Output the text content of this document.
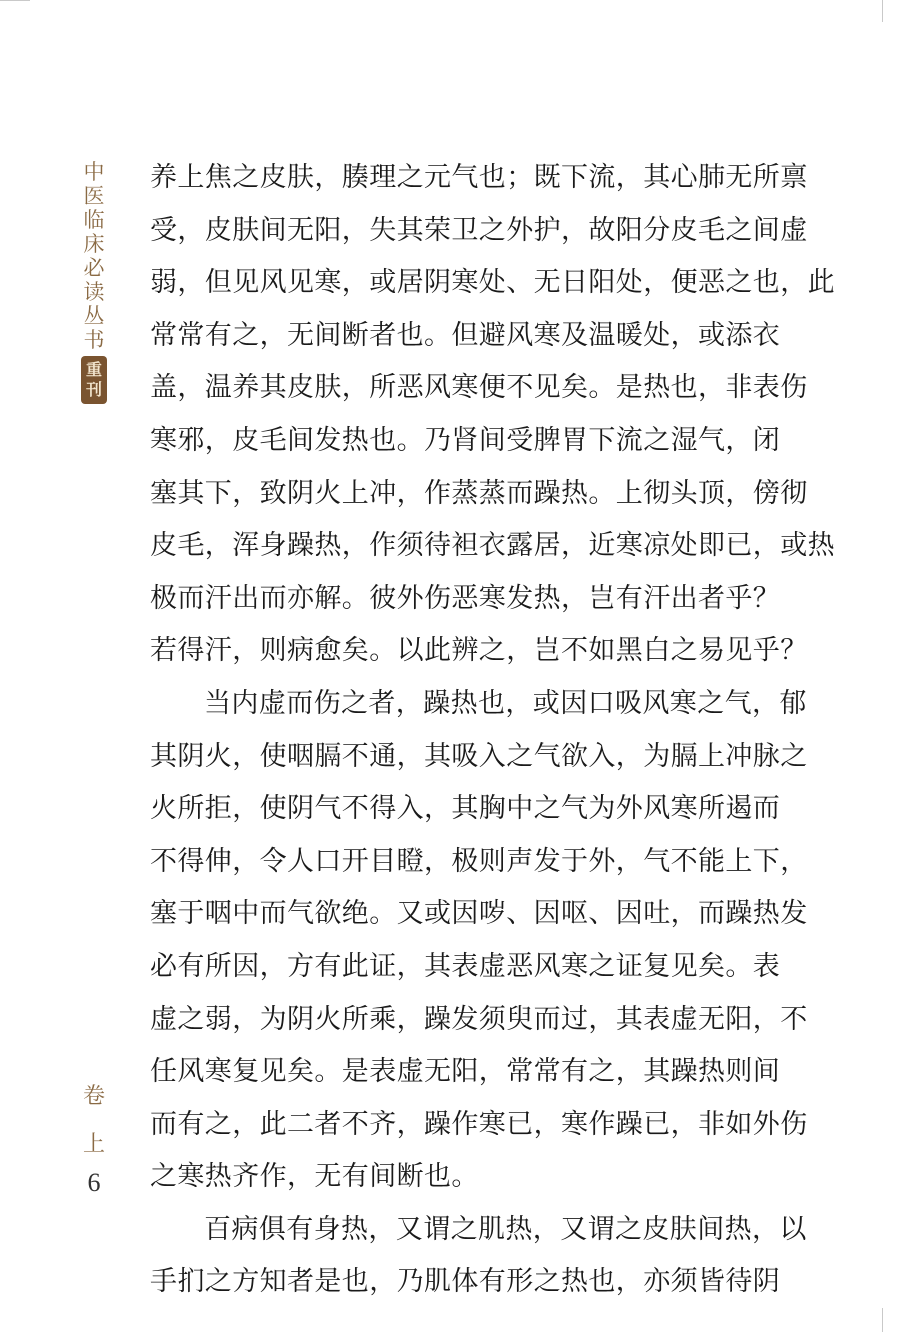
中
医
临
床
必
读
丛
书
重
刊
养上焦之皮肤，腠理之元气也；既下流，其心肺无所禀
受，皮肤间无阳，失其荣卫之外护，故阳分皮毛之间虚
弱，但见风见寒，或居阴寒处、无日阳处，便恶之也，此
常常有之，无间断者也。但避风寒及温暖处，或添衣
盖，温养其皮肤，所恶风寒便不见矣。是热也，非表伤
寒邪，皮毛间发热也。乃肾间受脾胃下流之湿气，闭
塞其下，致阴火上冲，作蒸蒸而躁热。上彻头顶，傍彻
皮毛，浑身躁热，作须待袒衣露居，近寒凉处即已，或热
极而汗出而亦解。彼外伤恶寒发热，岂有汗出者乎？
若得汗，则病愈矣。以此辨之，岂不如黑白之易见乎？
当内虚而伤之者，躁热也，或因口吸风寒之气，郁
其阴火，使咽膈不通，其吸入之气欲入，为膈上冲脉之
火所拒，使阴气不得入，其胸中之气为外风寒所遏而
不得伸，令人口开目瞪，极则声发于外，气不能上下，
塞于咽中而气欲绝。又或因哕、因呕、因吐，而躁热发
必有所因，方有此证，其表虚恶风寒之证复见矣。表
虚之弱，为阴火所乘，躁发须臾而过，其表虚无阳，不
任风寒复见矣。是表虚无阳，常常有之，其躁热则间
而有之，此二者不齐，躁作寒已，寒作躁已，非如外伤
之寒热齐作，无有间断也。
百病俱有身热，又谓之肌热，又谓之皮肤间热，以
手扪之方知者是也，乃肌体有形之热也，亦须皆待阴
卷
上
6
